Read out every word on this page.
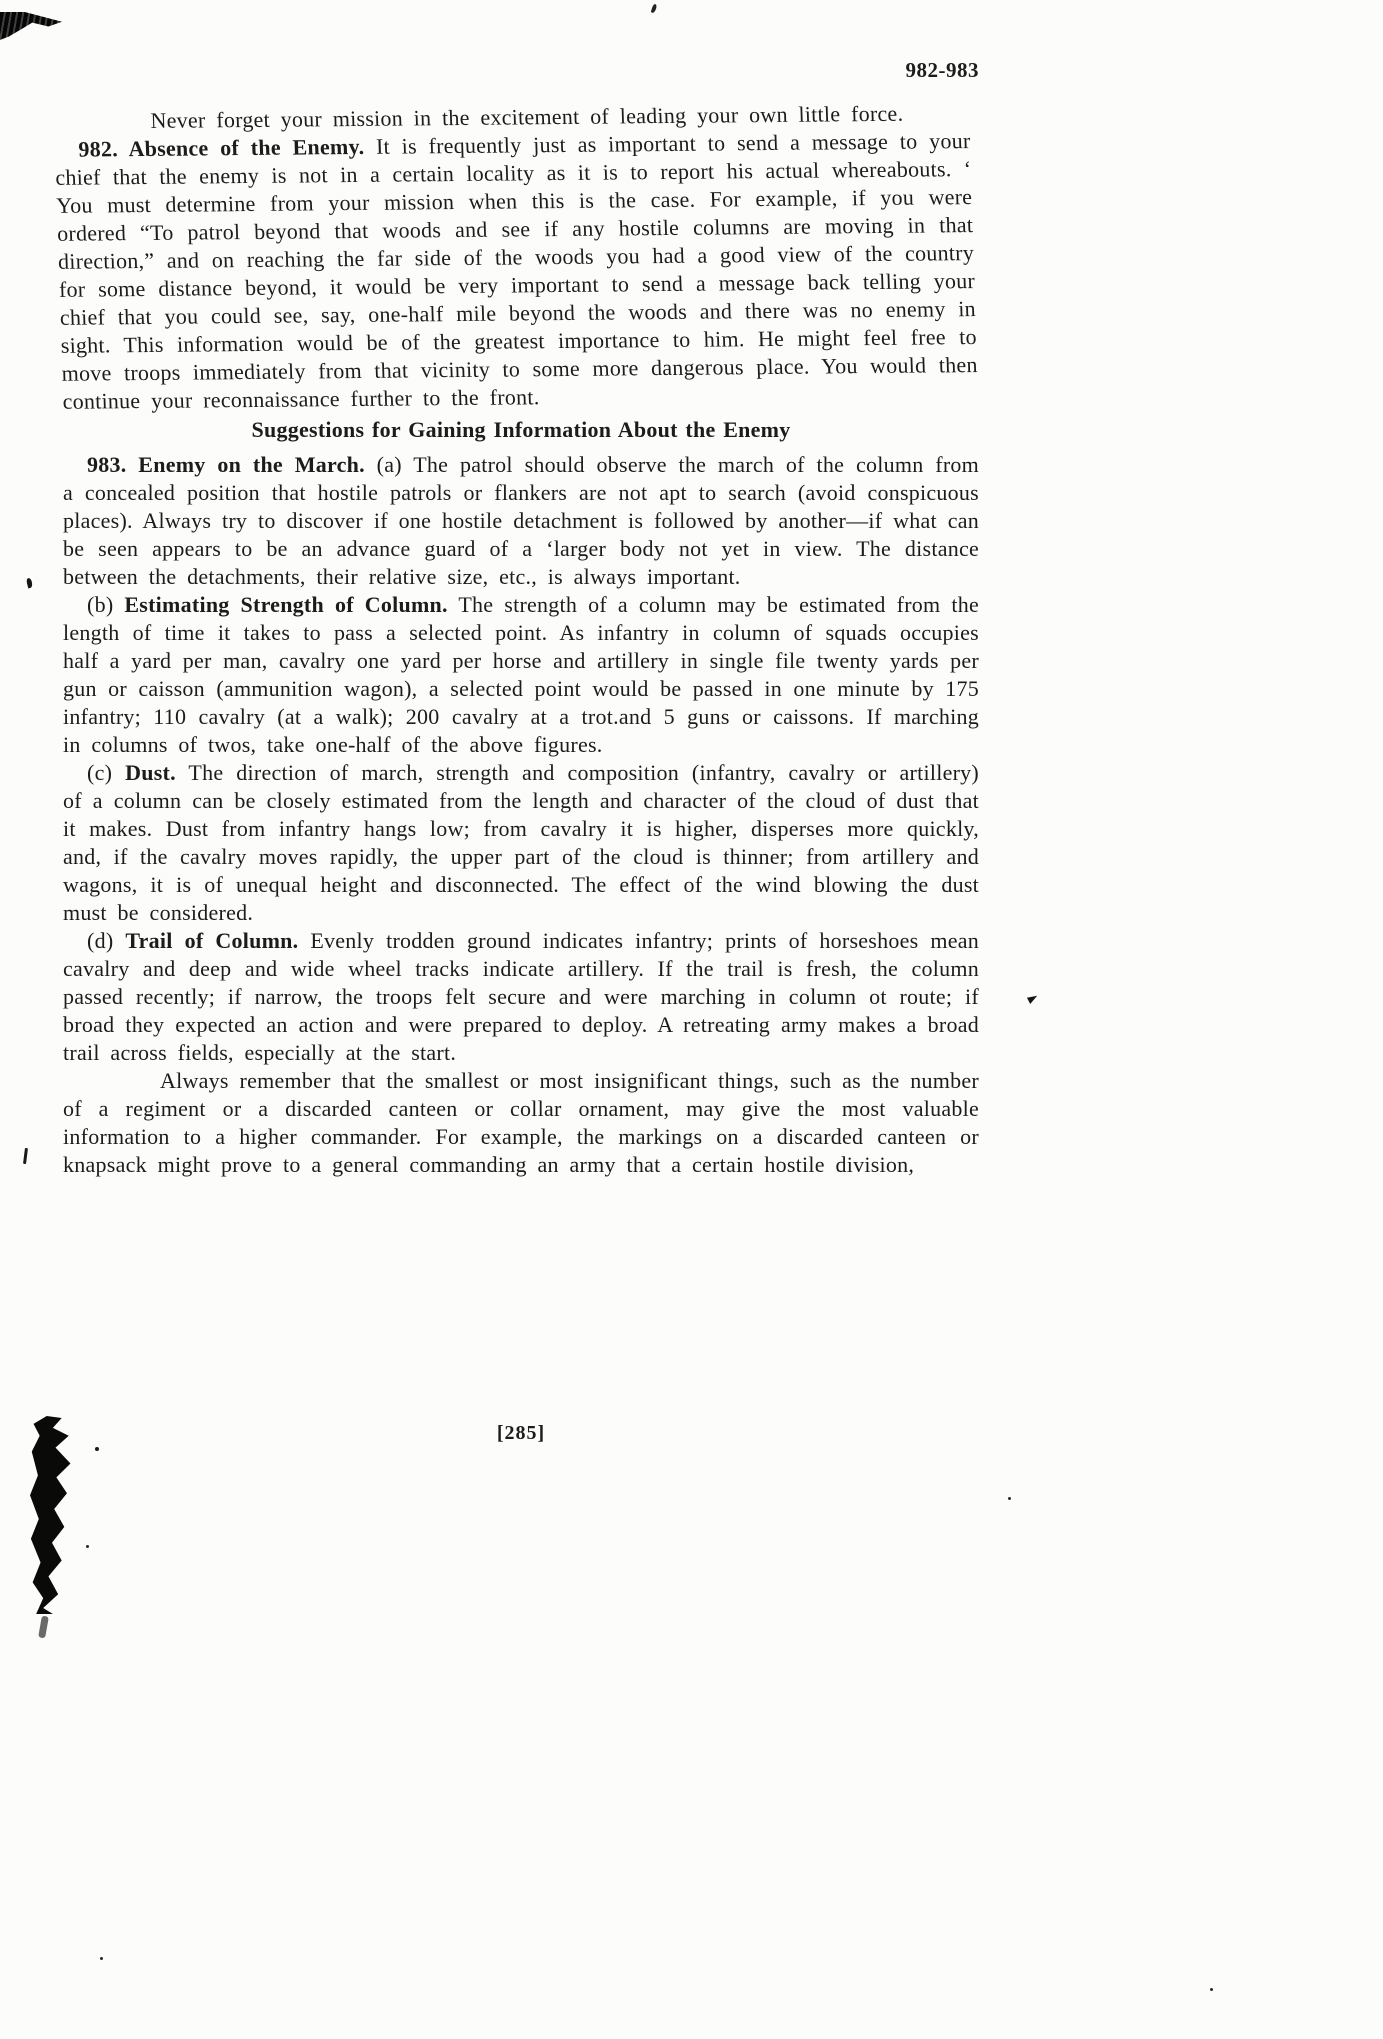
982-983

Never forget your mission in the excitement of leading your own little force.

982. Absence of the Enemy. It is frequently just as important to send a message to your chief that the enemy is not in a certain locality as it is to report his actual whereabouts. ‘ You must determine from your mission when this is the case. For example, if you were ordered “To patrol beyond that woods and see if any hostile columns are moving in that direction,” and on reaching the far side of the woods you had a good view of the country for some distance beyond, it would be very important to send a message back telling your chief that you could see, say, one-half mile beyond the woods and there was no enemy in sight. This information would be of the greatest importance to him. He might feel free to move troops immediately from that vicinity to some more dangerous place. You would then continue your reconnaissance further to the front.

Suggestions for Gaining Information About the Enemy

983. Enemy on the March. (a) The patrol should observe the march of the column from a concealed position that hostile patrols or flankers are not apt to search (avoid conspicuous places). Always try to discover if one hostile detachment is followed by another—if what can be seen appears to be an advance guard of a ‘larger body not yet in view. The distance between the detachments, their relative size, etc., is always important.

(b) Estimating Strength of Column. The strength of a column may be estimated from the length of time it takes to pass a selected point. As infantry in column of squads occupies half a yard per man, cavalry one yard per horse and artillery in single file twenty yards per gun or caisson (ammunition wagon), a selected point would be passed in one minute by 175 infantry; 110 cavalry (at a walk); 200 cavalry at a trot.and 5 guns or caissons. If marching in columns of twos, take one-half of the above figures.

(c) Dust. The direction of march, strength and composition (infantry, cavalry or artillery) of a column can be closely estimated from the length and character of the cloud of dust that it makes. Dust from infantry hangs low; from cavalry it is higher, disperses more quickly, and, if the cavalry moves rapidly, the upper part of the cloud is thinner; from artillery and wagons, it is of unequal height and disconnected. The effect of the wind blowing the dust must be considered.

(d) Trail of Column. Evenly trodden ground indicates infantry; prints of horseshoes mean cavalry and deep and wide wheel tracks indicate artillery. If the trail is fresh, the column passed recently; if narrow, the troops felt secure and were marching in column ot route; if broad they expected an action and were prepared to deploy. A retreating army makes a broad trail across fields, especially at the start.

Always remember that the smallest or most insignificant things, such as the number of a regiment or a discarded canteen or collar ornament, may give the most valuable information to a higher commander. For example, the markings on a discarded canteen or knapsack might prove to a general commanding an army that a certain hostile division,

[285]
